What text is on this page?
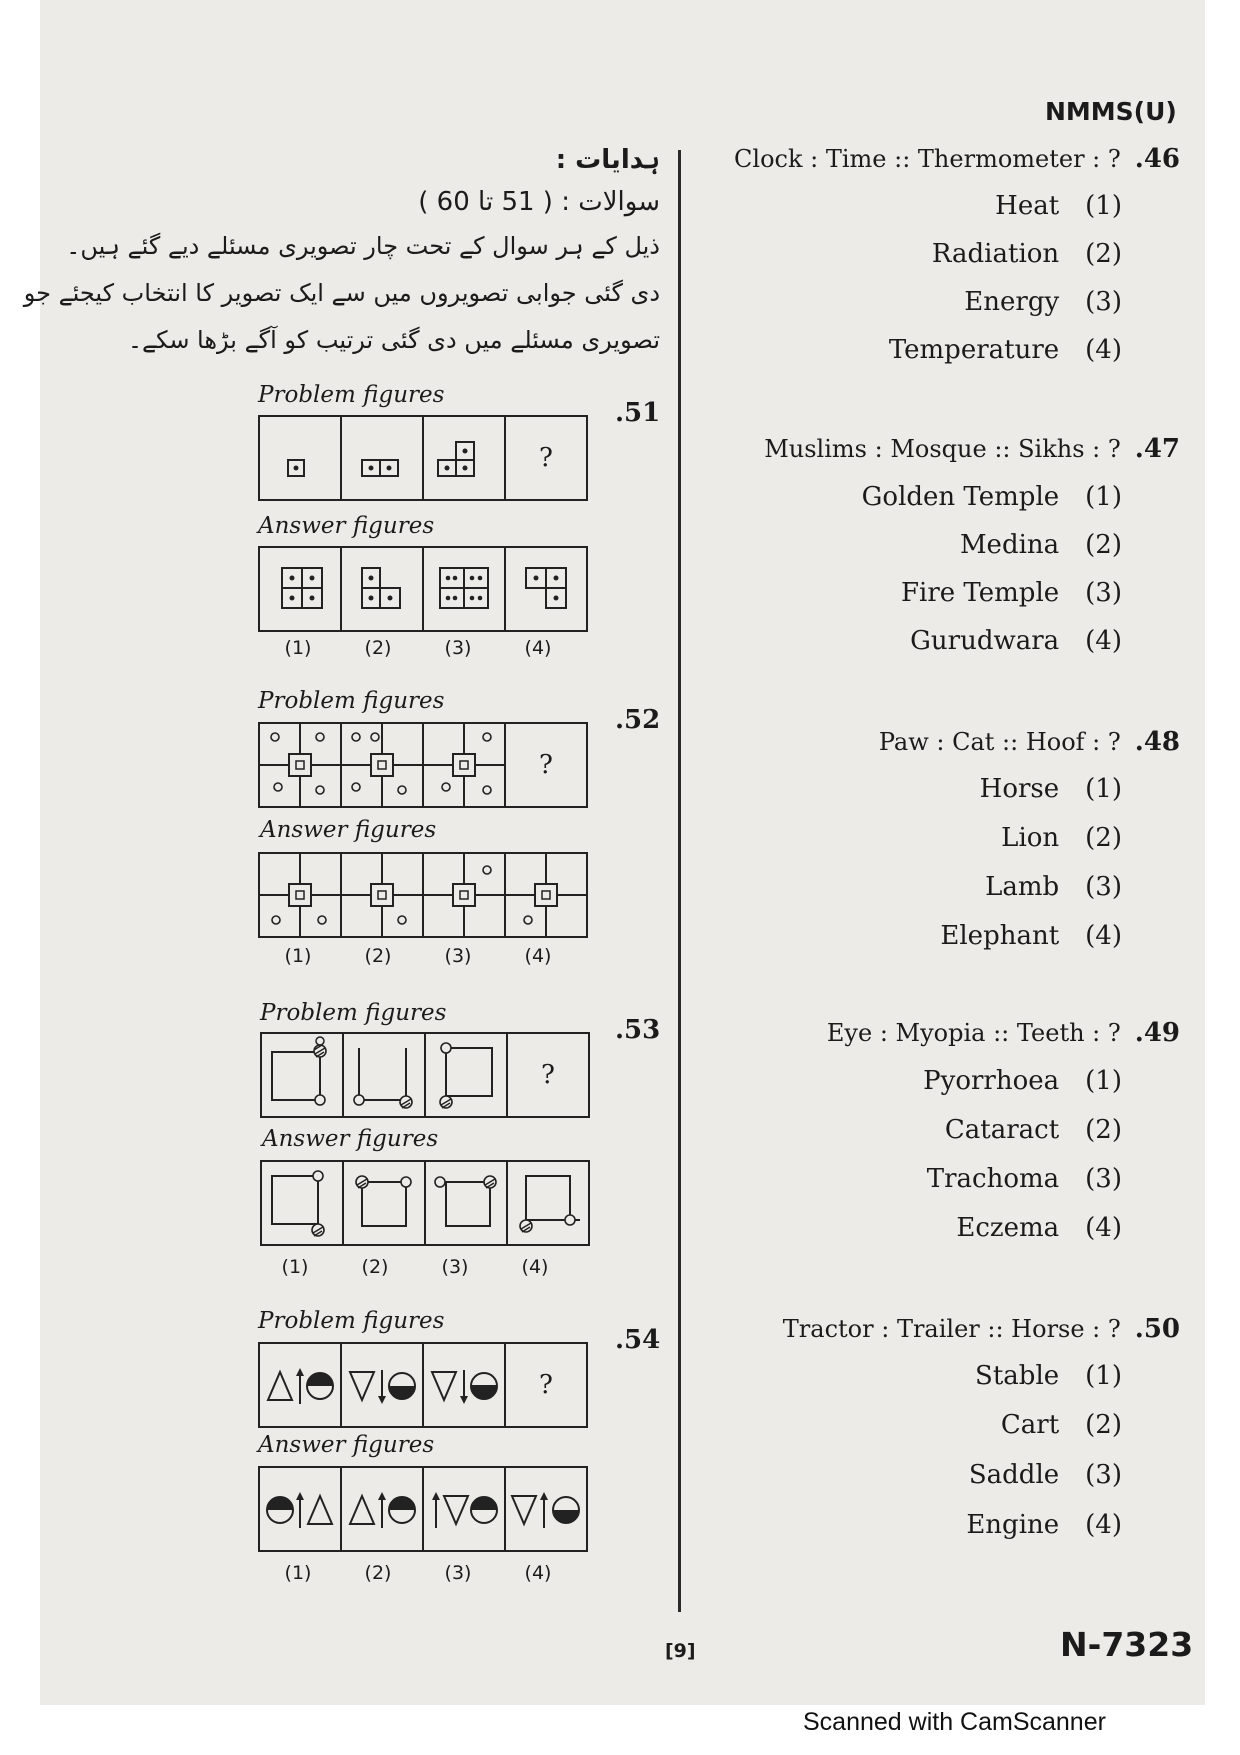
NMMS(U)
ہدایات :
سوالات : ( 51 تا 60 )
ذیل کے ہر سوال کے تحت چار تصویری مسئلے دیے گئے ہیں۔
دی گئی جوابی تصویروں میں سے ایک تصویر کا انتخاب کیجئے جو
تصویری مسئلے میں دی گئی ترتیب کو آگے بڑھا سکے۔
Problem figures
.51
?
Answer figures
(1)	(2)	(3)	(4)
Problem figures
.52
?
Answer figures
(1)	(2)	(3)	(4)
Problem figures
.53
?
Answer figures
(1)	(2)	(3)	(4)
Problem figures
.54
?
Answer figures
(1)	(2)	(3)	(4)
Clock : Time :: Thermometer : ? .46
Heat (1)
Radiation (2)
Energy (3)
Temperature (4)
Muslims : Mosque :: Sikhs : ? .47
Golden Temple (1)
Medina (2)
Fire Temple (3)
Gurudwara (4)
Paw : Cat :: Hoof : ? .48
Horse (1)
Lion (2)
Lamb (3)
Elephant (4)
Eye : Myopia :: Teeth : ? .49
Pyorrhoea (1)
Cataract (2)
Trachoma (3)
Eczema (4)
Tractor : Trailer :: Horse : ? .50
Stable (1)
Cart (2)
Saddle (3)
Engine (4)
[9]	N-7323
Scanned with CamScanner
